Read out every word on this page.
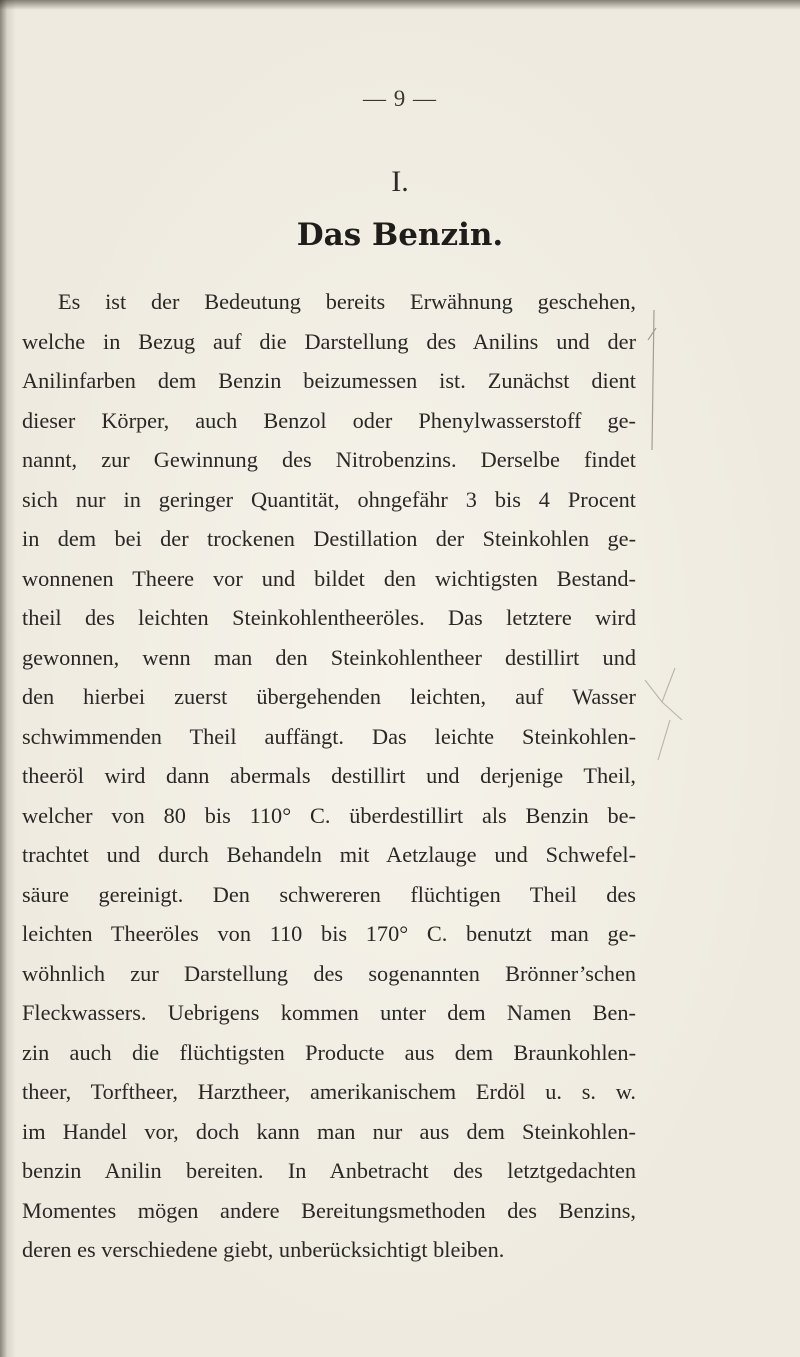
— 9 —
I.
Das Benzin.
Es ist der Bedeutung bereits Erwähnung geschehen,
welche in Bezug auf die Darstellung des Anilins und der
Anilinfarben dem Benzin beizumessen ist. Zunächst dient
dieser Körper, auch Benzol oder Phenylwasserstoff ge-
nannt, zur Gewinnung des Nitrobenzins. Derselbe findet
sich nur in geringer Quantität, ohngefähr 3 bis 4 Procent
in dem bei der trockenen Destillation der Steinkohlen ge-
wonnenen Theere vor und bildet den wichtigsten Bestand-
theil des leichten Steinkohlentheeröles. Das letztere wird
gewonnen, wenn man den Steinkohlentheer destillirt und
den hierbei zuerst übergehenden leichten, auf Wasser
schwimmenden Theil auffängt. Das leichte Steinkohlen-
theeröl wird dann abermals destillirt und derjenige Theil,
welcher von 80 bis 110° C. überdestillirt als Benzin be-
trachtet und durch Behandeln mit Aetzlauge und Schwefel-
säure gereinigt. Den schwereren flüchtigen Theil des
leichten Theeröles von 110 bis 170° C. benutzt man ge-
wöhnlich zur Darstellung des sogenannten Brönner’schen
Fleckwassers. Uebrigens kommen unter dem Namen Ben-
zin auch die flüchtigsten Producte aus dem Braunkohlen-
theer, Torftheer, Harztheer, amerikanischem Erdöl u. s. w.
im Handel vor, doch kann man nur aus dem Steinkohlen-
benzin Anilin bereiten. In Anbetracht des letztgedachten
Momentes mögen andere Bereitungsmethoden des Benzins,
deren es verschiedene giebt, unberücksichtigt bleiben.
